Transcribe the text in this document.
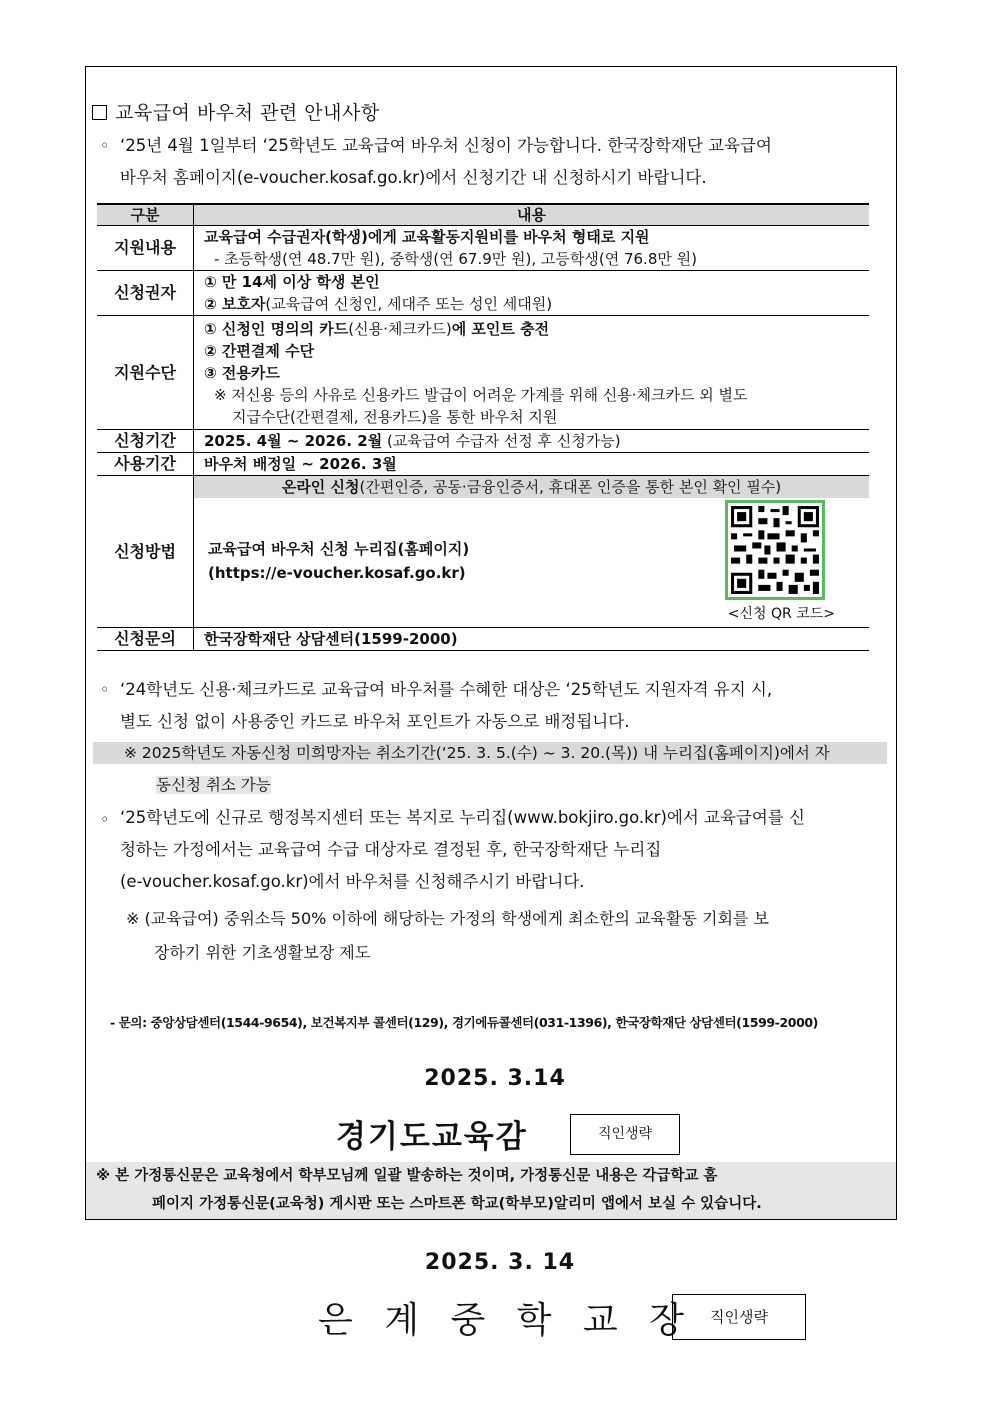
교육급여 바우처 관련 안내사항
◦ ‘25년 4월 1일부터 ‘25학년도 교육급여 바우처 신청이 가능합니다. 한국장학재단 교육급여
바우처 홈페이지(e-voucher.kosaf.go.kr)에서 신청기간 내 신청하시기 바랍니다.
구분	내용
지원내용	교육급여 수급권자(학생)에게 교육활동지원비를 바우처 형태로 지원
- 초등학생(연 48.7만 원), 중학생(연 67.9만 원), 고등학생(연 76.8만 원)

신청권자	① 만 14세 이상 학생 본인
② 보호자(교육급여 신청인, 세대주 또는 성인 세대원)

지원수단	① 신청인 명의의 카드(신용·체크카드)에 포인트 충전
② 간편결제 수단
③ 전용카드
※ 저신용 등의 사유로 신용카드 발급이 어려운 가계를 위해 신용·체크카드 외 별도
지급수단(간편결제, 전용카드)을 통한 바우처 지원

신청기간	2025. 4월 ~ 2026. 2월 (교육급여 수급자 선정 후 신청가능)
사용기간	바우처 배정일 ~ 2026. 3월
신청방법	온라인 신청(간편인증, 공동·금융인증서, 휴대폰 인증을 통한 본인 확인 필수)
교육급여 바우처 신청 누리집(홈페이지)
(https://e-voucher.kosaf.go.kr)
<신청 QR 코드>

신청문의	한국장학재단 상담센터(1599-2000)
◦ ‘24학년도 신용·체크카드로 교육급여 바우처를 수혜한 대상은 ‘25학년도 지원자격 유지 시,
별도 신청 없이 사용중인 카드로 바우처 포인트가 자동으로 배정됩니다.
※ 2025학년도 자동신청 미희망자는 취소기간(‘25. 3. 5.(수) ~ 3. 20.(목)) 내 누리집(홈페이지)에서 자
동신청 취소 가능
◦ ‘25학년도에 신규로 행정복지센터 또는 복지로 누리집(www.bokjiro.go.kr)에서 교육급여를 신
청하는 가정에서는 교육급여 수급 대상자로 결정된 후, 한국장학재단 누리집
(e-voucher.kosaf.go.kr)에서 바우처를 신청해주시기 바랍니다.
※ (교육급여) 중위소득 50% 이하에 해당하는 가정의 학생에게 최소한의 교육활동 기회를 보
장하기 위한 기초생활보장 제도
- 문의: 중앙상담센터(1544-9654), 보건복지부 콜센터(129), 경기에듀콜센터(031-1396), 한국장학재단 상담센터(1599-2000)
2025. 3.14
경기도교육감	직인생략
※ 본 가정통신문은 교육청에서 학부모님께 일괄 발송하는 것이며, 가정통신문 내용은 각급학교 홈
페이지 가정통신문(교육청) 게시판 또는 스마트폰 학교(학부모)알리미 앱에서 보실 수 있습니다.
2025. 3. 14
은 계 중 학 교 장	직인생략
